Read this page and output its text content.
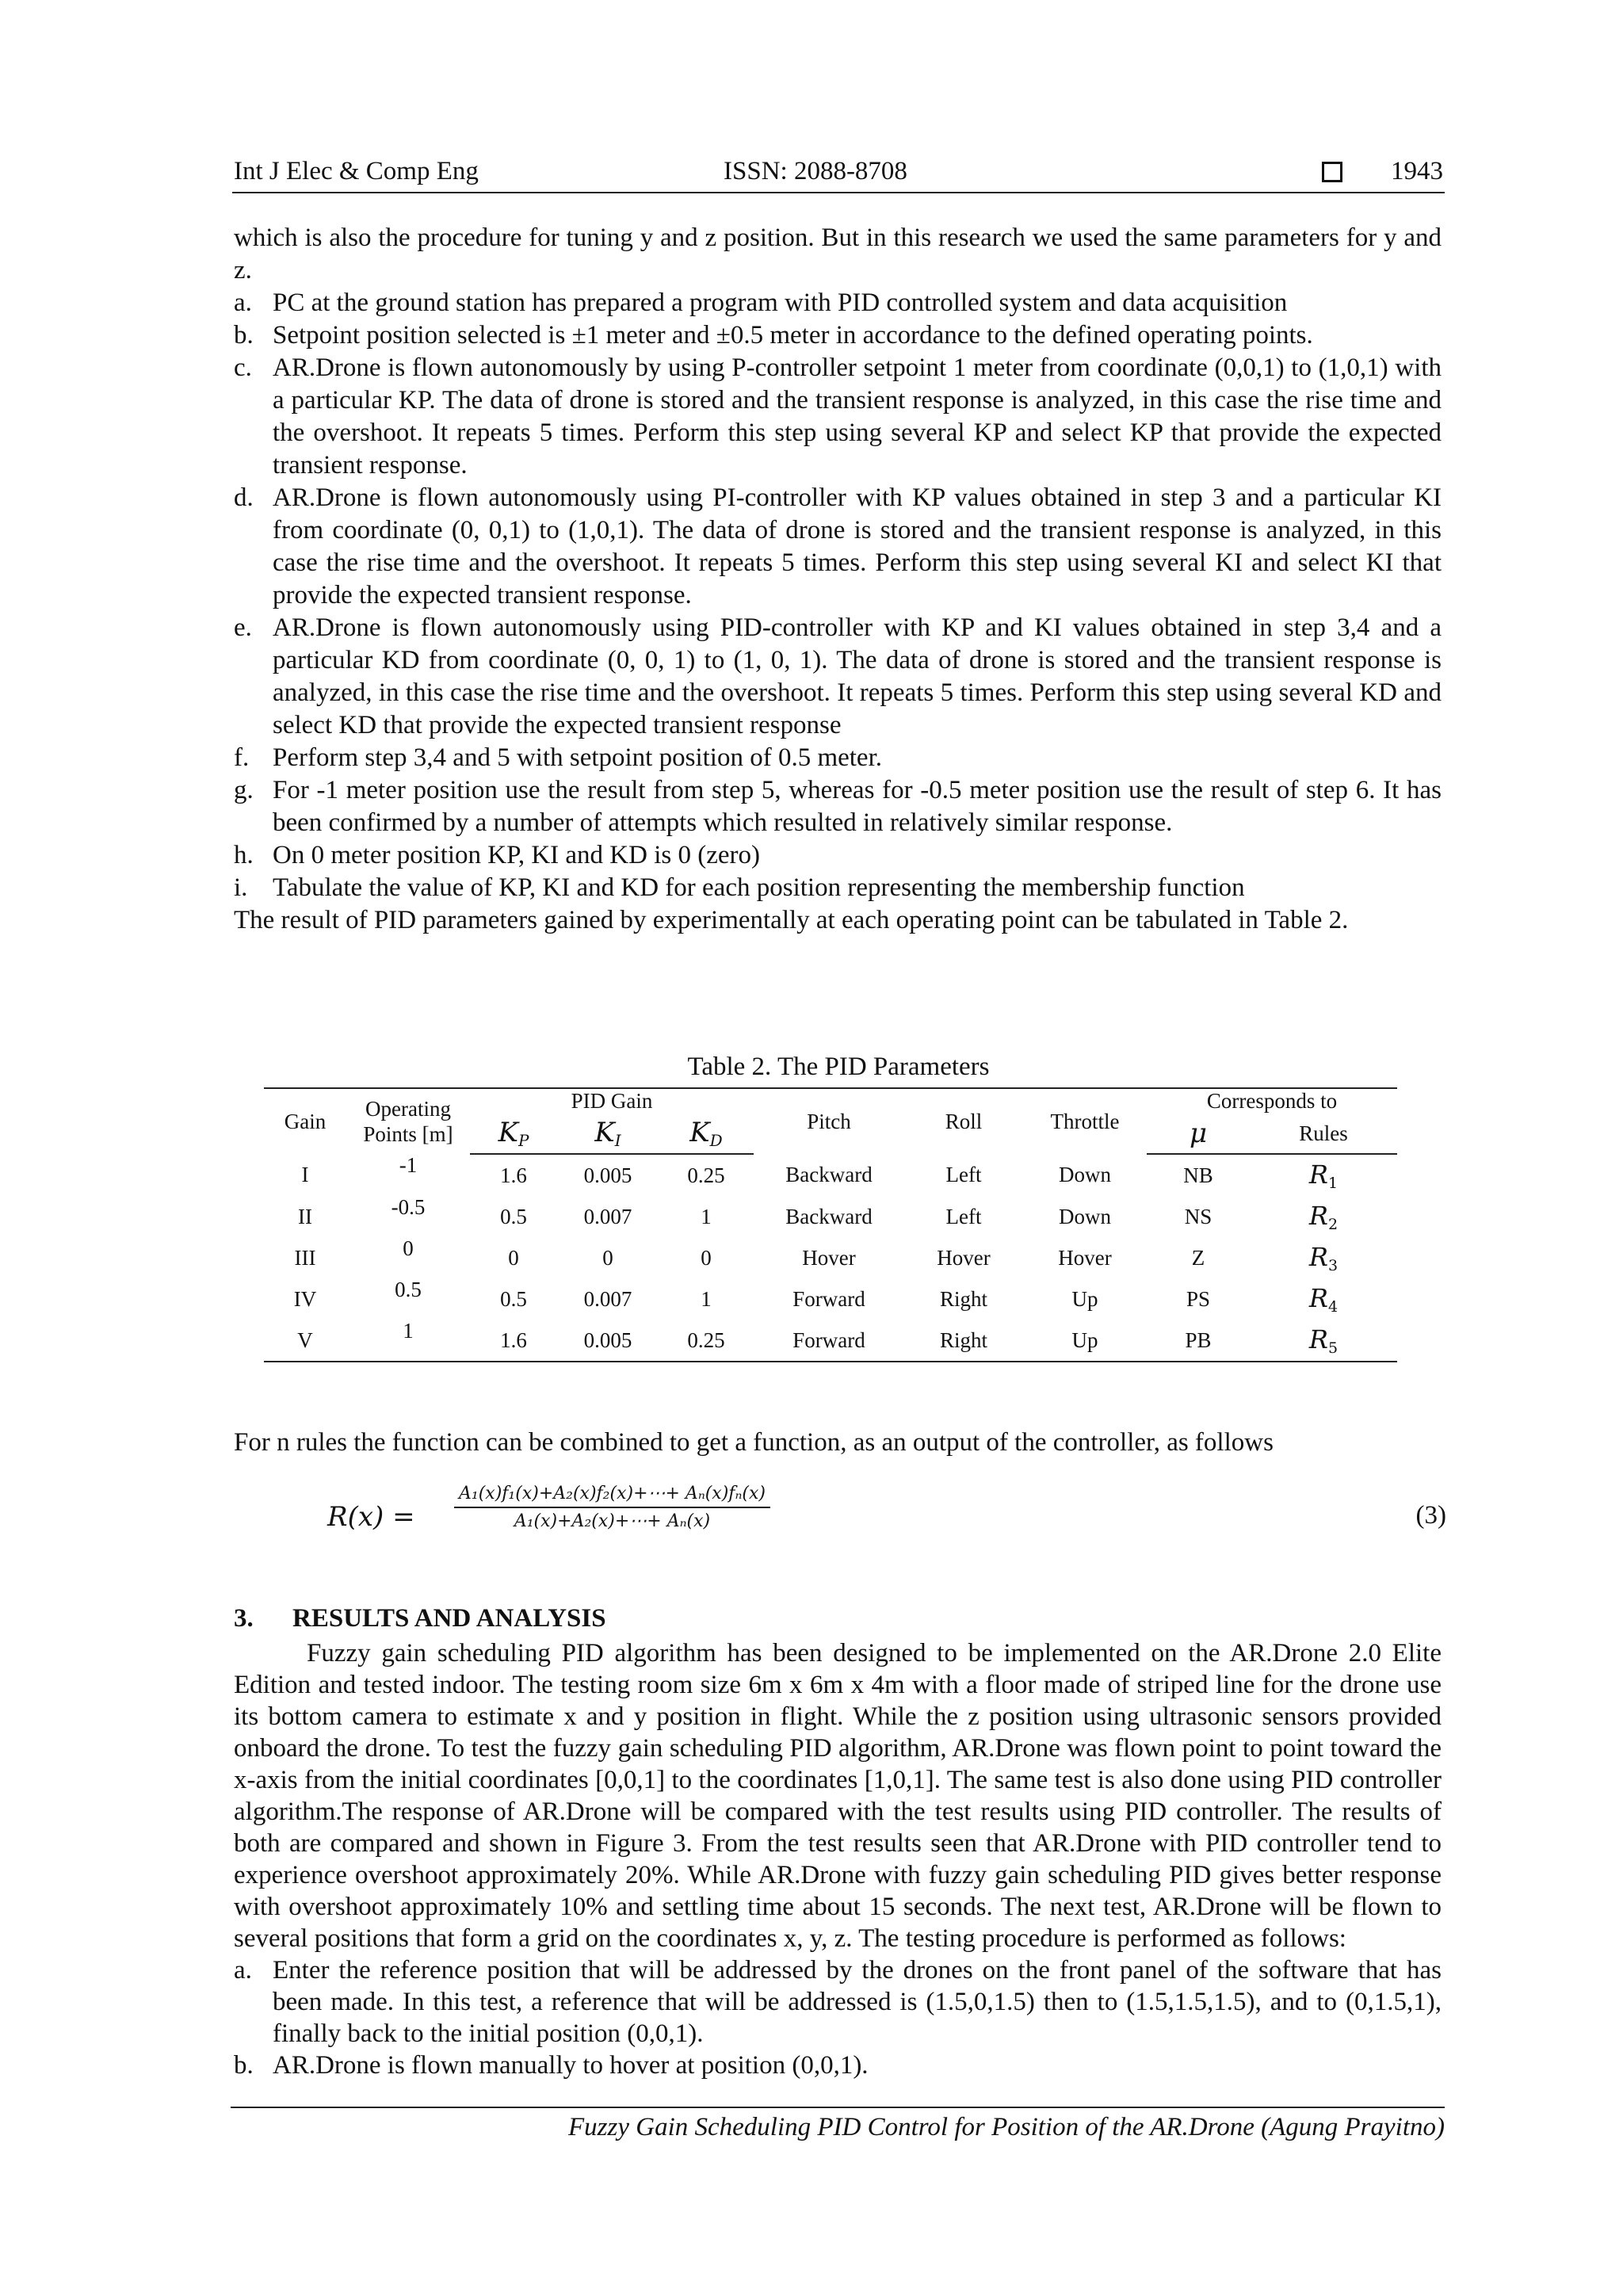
Int J Elec & Comp Eng	ISSN: 2088-8708	1943

which is also the procedure for tuning y and z position. But in this research we used the same parameters for y and z.

a. PC at the ground station has prepared a program with PID controlled system and data acquisition
b. Setpoint position selected is ±1 meter and ±0.5 meter in accordance to the defined operating points.
c. AR.Drone is flown autonomously by using P-controller setpoint 1 meter from coordinate (0,0,1) to (1,0,1) with a particular KP. The data of drone is stored and the transient response is analyzed, in this case the rise time and the overshoot. It repeats 5 times. Perform this step using several KP and select KP that provide the expected transient response.
d. AR.Drone is flown autonomously using PI-controller with KP values obtained in step 3 and a particular KI from coordinate (0, 0,1) to (1,0,1). The data of drone is stored and the transient response is analyzed, in this case the rise time and the overshoot. It repeats 5 times. Perform this step using several KI and select KI that provide the expected transient response.
e. AR.Drone is flown autonomously using PID-controller with KP and KI values obtained in step 3,4 and a particular KD from coordinate (0, 0, 1) to (1, 0, 1). The data of drone is stored and the transient response is analyzed, in this case the rise time and the overshoot. It repeats 5 times. Perform this step using several KD and select KD that provide the expected transient response
f. Perform step 3,4 and 5 with setpoint position of 0.5 meter.
g. For -1 meter position use the result from step 5, whereas for -0.5 meter position use the result of step 6. It has been confirmed by a number of attempts which resulted in relatively similar response.
h. On 0 meter position KP, KI and KD is 0 (zero)
i. Tabulate the value of KP, KI and KD for each position representing the membership function

The result of PID parameters gained by experimentally at each operating point can be tabulated in Table 2.

Table 2. The PID Parameters
Gain	Operating Points [m]	PID Gain			Pitch	Roll	Throttle	Corresponds to	
		KP	KI	KD				μ	Rules
I	-1	1.6	0.005	0.25	Backward	Left	Down	NB	R1
II	-0.5	0.5	0.007	1	Backward	Left	Down	NS	R2
III	0	0	0	0	Hover	Hover	Hover	Z	R3
IV	0.5	0.5	0.007	1	Forward	Right	Up	PS	R4
V	1	1.6	0.005	0.25	Forward	Right	Up	PB	R5
For n rules the function can be combined to get a function, as an output of the controller, as follows
$R(x) = \frac{\text{A₁(x)f₁(x)+A₂(x)f₂(x)+⋯+ Aₙ(x)fₙ(x)}}{\text{A₁(x)+A₂(x)+⋯+ Aₙ(x)}}$	(3)
3. RESULTS AND ANALYSIS

Fuzzy gain scheduling PID algorithm has been designed to be implemented on the AR.Drone 2.0 Elite Edition and tested indoor. The testing room size 6m x 6m x 4m with a floor made of striped line for the drone use its bottom camera to estimate x and y position in flight. While the z position using ultrasonic sensors provided onboard the drone. To test the fuzzy gain scheduling PID algorithm, AR.Drone was flown point to point toward the x-axis from the initial coordinates [0,0,1] to the coordinates [1,0,1]. The same test is also done using PID controller algorithm.The response of AR.Drone will be compared with the test results using PID controller. The results of both are compared and shown in Figure 3. From the test results seen that AR.Drone with PID controller tend to experience overshoot approximately 20%. While AR.Drone with fuzzy gain scheduling PID gives better response with overshoot approximately 10% and settling time about 15 seconds. The next test, AR.Drone will be flown to several positions that form a grid on the coordinates x, y, z. The testing procedure is performed as follows:

a. Enter the reference position that will be addressed by the drones on the front panel of the software that has been made. In this test, a reference that will be addressed is (1.5,0,1.5) then to (1.5,1.5,1.5), and to (0,1.5,1), finally back to the initial position (0,0,1).
b. AR.Drone is flown manually to hover at position (0,0,1).
Fuzzy Gain Scheduling PID Control for Position of the AR.Drone (Agung Prayitno)
